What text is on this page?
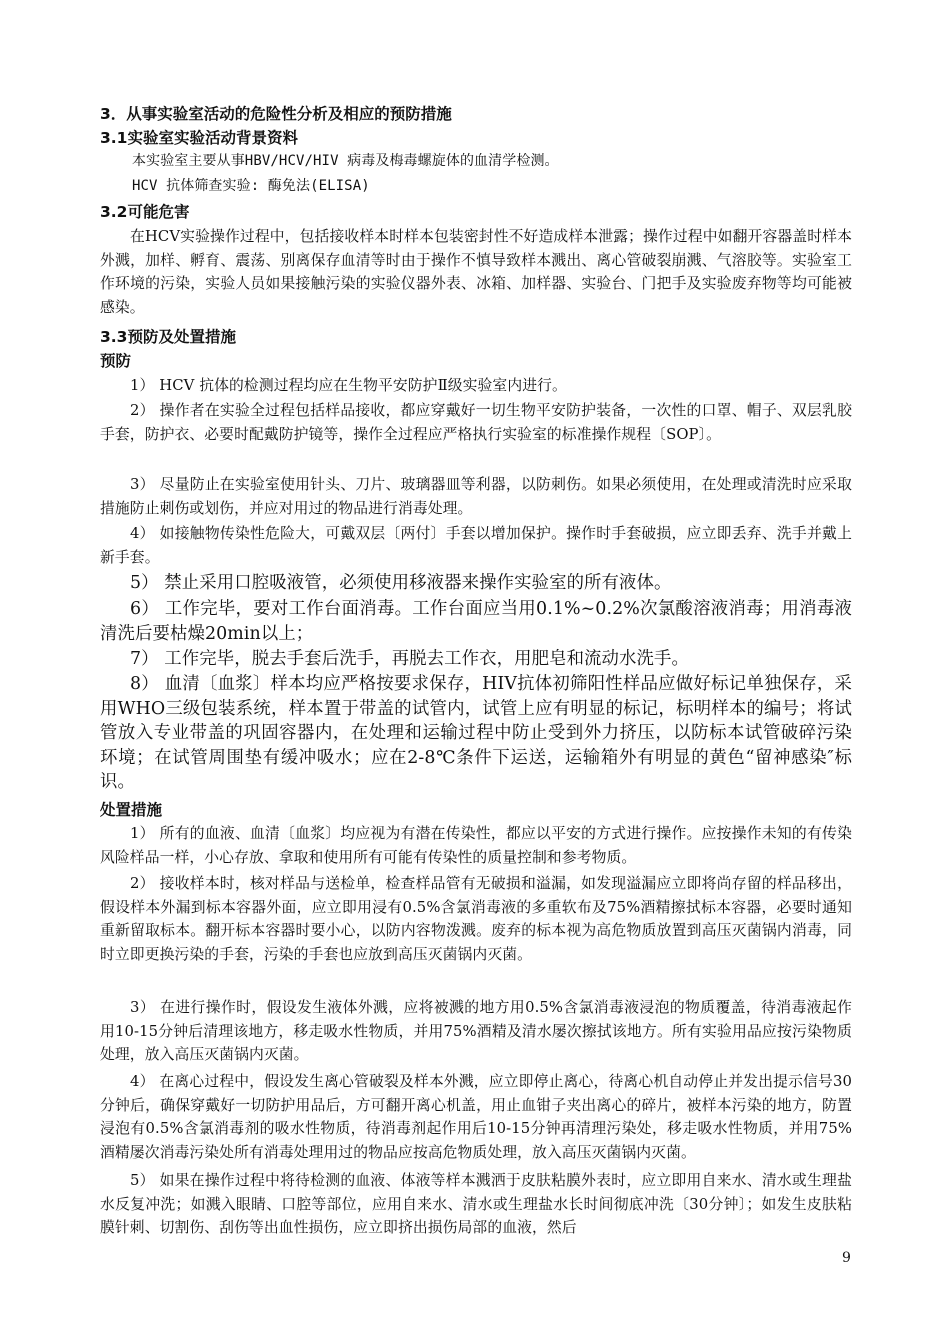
3．从事实验室活动的危险性分析及相应的预防措施
3.1实验室实验活动背景资料
本实验室主要从事HBV/HCV/HIV 病毒及梅毒螺旋体的血清学检测。
HCV 抗体筛查实验: 酶免法(ELISA)
3.2可能危害
在HCV实验操作过程中，包括接收样本时样本包装密封性不好造成样本泄露；操作过程中如翻开容器盖时样本外溅，加样、孵育、震荡、别离保存血清等时由于操作不慎导致样本溅出、离心管破裂崩溅、气溶胶等。实验室工作环境的污染，实验人员如果接触污染的实验仪器外表、冰箱、加样器、实验台、门把手及实验废弃物等均可能被感染。
3.3预防及处置措施
预防
1） HCV 抗体的检测过程均应在生物平安防护Ⅱ级实验室内进行。
2） 操作者在实验全过程包括样品接收，都应穿戴好一切生物平安防护装备，一次性的口罩、帽子、双层乳胶手套，防护衣、必要时配戴防护镜等，操作全过程应严格执行实验室的标准操作规程〔SOP〕。
3） 尽量防止在实验室使用针头、刀片、玻璃器皿等利器，以防刺伤。如果必须使用，在处理或清洗时应采取措施防止刺伤或划伤，并应对用过的物品进行消毒处理。
4） 如接触物传染性危险大，可戴双层〔两付〕手套以增加保护。操作时手套破损，应立即丢弃、洗手并戴上新手套。
5） 禁止采用口腔吸液管，必须使用移液器来操作实验室的所有液体。
6） 工作完毕，要对工作台面消毒。工作台面应当用0.1%~0.2%次氯酸溶液消毒；用消毒液清洗后要枯燥20min以上；
7） 工作完毕，脱去手套后洗手，再脱去工作衣，用肥皂和流动水洗手。
8） 血清〔血浆〕样本均应严格按要求保存，HIV抗体初筛阳性样品应做好标记单独保存，采用WHO三级包装系统，样本置于带盖的试管内，试管上应有明显的标记，标明样本的编号；将试管放入专业带盖的巩固容器内，在处理和运输过程中防止受到外力挤压，以防标本试管破碎污染环境；在试管周围垫有缓冲吸水；应在2-8℃条件下运送，运输箱外有明显的黄色“留神感染″标识。
处置措施
1） 所有的血液、血清〔血浆〕均应视为有潜在传染性，都应以平安的方式进行操作。应按操作未知的有传染风险样品一样，小心存放、拿取和使用所有可能有传染性的质量控制和参考物质。
2） 接收样本时，核对样品与送检单，检查样品管有无破损和溢漏，如发现溢漏应立即将尚存留的样品移出，假设样本外漏到标本容器外面，应立即用浸有0.5%含氯消毒液的多重软布及75%酒精擦拭标本容器，必要时通知重新留取标本。翻开标本容器时要小心，以防内容物泼溅。废弃的标本视为高危物质放置到高压灭菌锅内消毒，同时立即更换污染的手套，污染的手套也应放到高压灭菌锅内灭菌。
3） 在进行操作时，假设发生液体外溅，应将被溅的地方用0.5%含氯消毒液浸泡的物质覆盖，待消毒液起作用10-15分钟后清理该地方，移走吸水性物质，并用75%酒精及清水屡次擦拭该地方。所有实验用品应按污染物质处理，放入高压灭菌锅内灭菌。
4） 在离心过程中，假设发生离心管破裂及样本外溅，应立即停止离心，待离心机自动停止并发出提示信号30分钟后，确保穿戴好一切防护用品后，方可翻开离心机盖，用止血钳子夹出离心的碎片，被样本污染的地方，防置浸泡有0.5%含氯消毒剂的吸水性物质，待消毒剂起作用后10-15分钟再清理污染处，移走吸水性物质，并用75%酒精屡次消毒污染处所有消毒处理用过的物品应按高危物质处理，放入高压灭菌锅内灭菌。
5） 如果在操作过程中将待检测的血液、体液等样本溅洒于皮肤粘膜外表时，应立即用自来水、清水或生理盐水反复冲洗；如溅入眼睛、口腔等部位，应用自来水、清水或生理盐水长时间彻底冲洗〔30分钟〕；如发生皮肤粘膜针刺、切割伤、刮伤等出血性损伤，应立即挤出损伤局部的血液，然后
9
